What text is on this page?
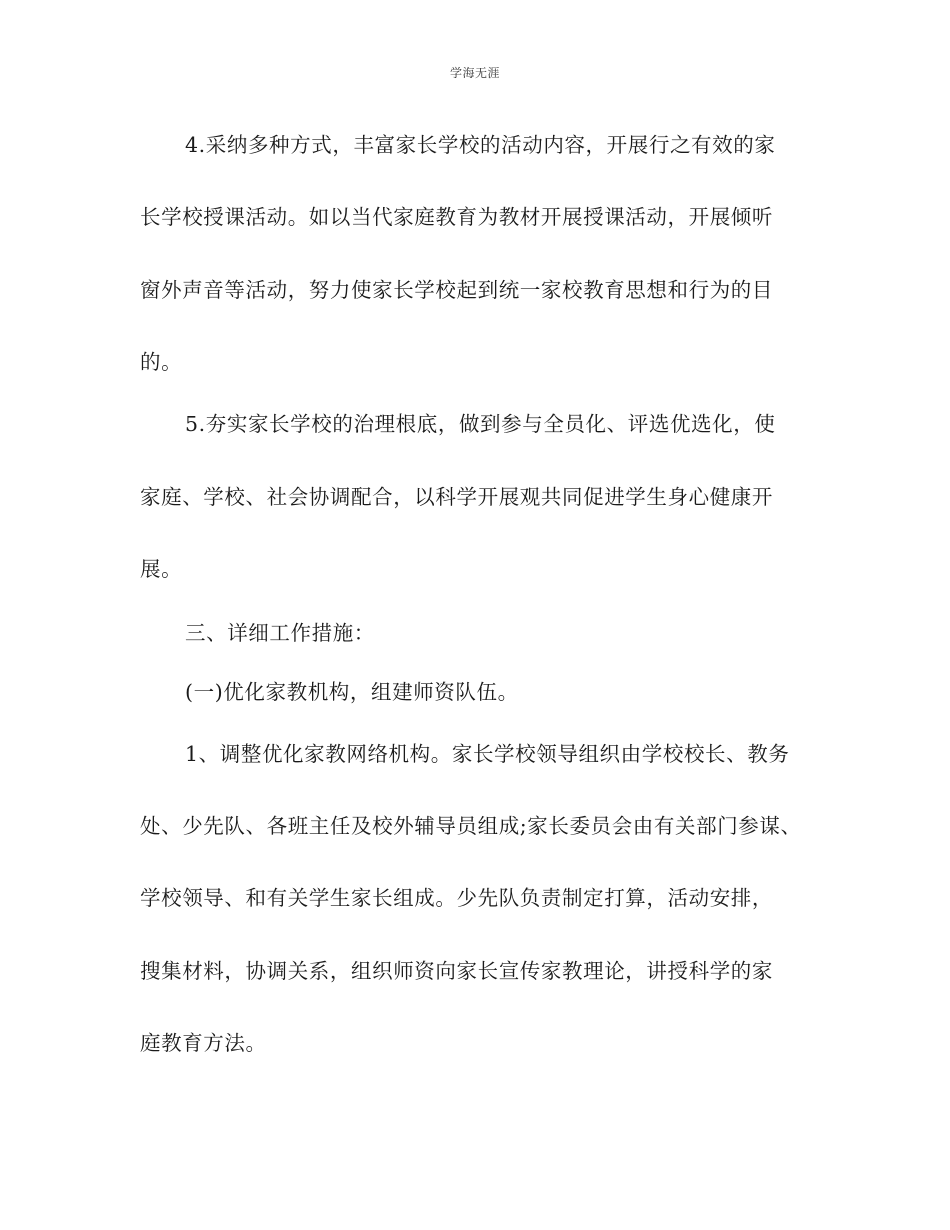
学海无涯
4.采纳多种方式，丰富家长学校的活动内容，开展行之有效的家
长学校授课活动。如以当代家庭教育为教材开展授课活动，开展倾听
窗外声音等活动，努力使家长学校起到统一家校教育思想和行为的目
的。
5.夯实家长学校的治理根底，做到参与全员化、评选优选化，使
家庭、学校、社会协调配合，以科学开展观共同促进学生身心健康开
展。
三、详细工作措施：
(一)优化家教机构，组建师资队伍。
1、调整优化家教网络机构。家长学校领导组织由学校校长、教务
处、少先队、各班主任及校外辅导员组成;家长委员会由有关部门参谋、
学校领导、和有关学生家长组成。少先队负责制定打算，活动安排，
搜集材料，协调关系，组织师资向家长宣传家教理论，讲授科学的家
庭教育方法。
